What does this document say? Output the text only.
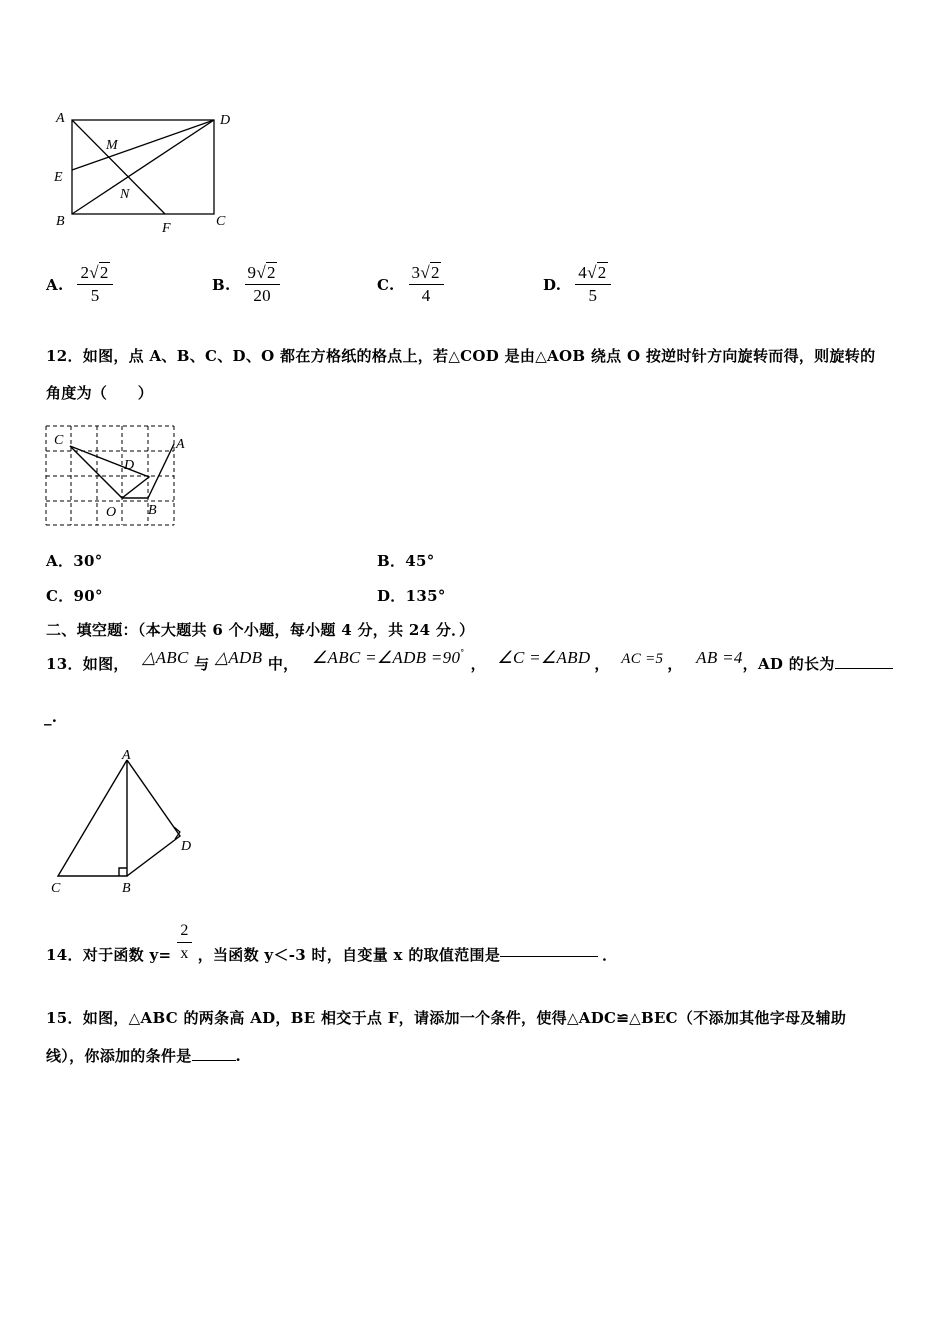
A	D
M
E
N
B	F	C
A. $\frac{2√2}{5}$	B. $\frac{9√2}{20}$	C. $\frac{3√2}{4}$	D. $\frac{4√2}{5}$
12．如图，点 A、B、C、D、O 都在方格纸的格点上，若△COD 是由△AOB 绕点 O 按逆时针方向旋转而得，则旋转的
角度为（　　）
C	A
D
O B
A．30°	B．45°
C．90°	D．135°
二、填空题：（本大题共 6 个小题，每小题 4 分，共 24 分．）
13．如图， △ABC 与 △ADB 中， ∠ABC =∠ADB =90°， ∠C =∠ABD ， AC =5 ， AB =4，AD 的长为
_.
A
D
C	B
14．对于函数 $y= \frac{2}{x}$ ，当函数 y＜-3 时，自变量 x 的取值范围是	．
15．如图，△ABC 的两条高 AD，BE 相交于点 F，请添加一个条件，使得△ADC≌△BEC（不添加其他字母及辅助
线），你添加的条件是	.
